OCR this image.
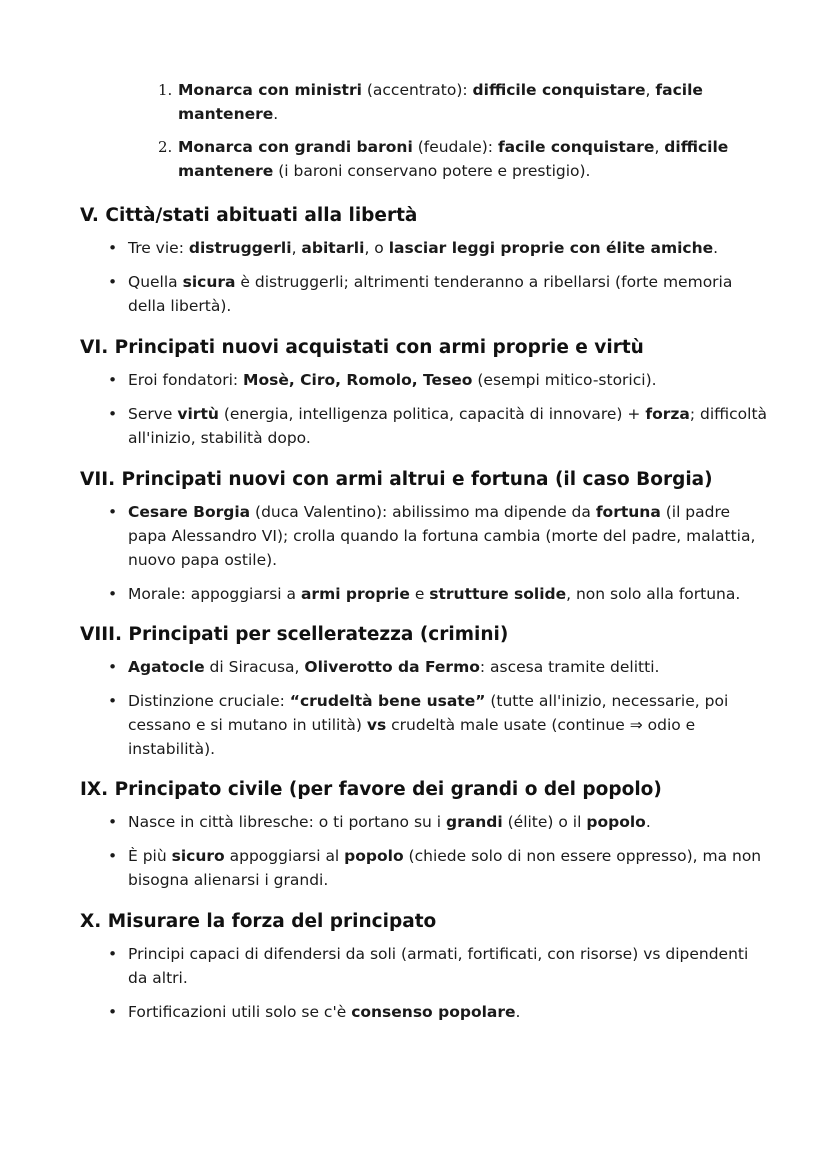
1. Monarca con ministri (accentrato): difficile conquistare, facile mantenere.
2. Monarca con grandi baroni (feudale): facile conquistare, difficile mantenere (i baroni conservano potere e prestigio).
V. Città/stati abituati alla libertà
• Tre vie: distruggerli, abitarli, o lasciar leggi proprie con élite amiche.
• Quella sicura è distruggerli; altrimenti tenderanno a ribellarsi (forte memoria della libertà).
VI. Principati nuovi acquistati con armi proprie e virtù
• Eroi fondatori: Mosè, Ciro, Romolo, Teseo (esempi mitico-storici).
• Serve virtù (energia, intelligenza politica, capacità di innovare) + forza; difficoltà all'inizio, stabilità dopo.
VII. Principati nuovi con armi altrui e fortuna (il caso Borgia)
• Cesare Borgia (duca Valentino): abilissimo ma dipende da fortuna (il padre papa Alessandro VI); crolla quando la fortuna cambia (morte del padre, malattia, nuovo papa ostile).
• Morale: appoggiarsi a armi proprie e strutture solide, non solo alla fortuna.
VIII. Principati per scelleratezza (crimini)
• Agatocle di Siracusa, Oliverotto da Fermo: ascesa tramite delitti.
• Distinzione cruciale: “crudeltà bene usate” (tutte all'inizio, necessarie, poi cessano e si mutano in utilità) vs crudeltà male usate (continue ⇒ odio e instabilità).
IX. Principato civile (per favore dei grandi o del popolo)
• Nasce in città libresche: o ti portano su i grandi (élite) o il popolo.
• È più sicuro appoggiarsi al popolo (chiede solo di non essere oppresso), ma non bisogna alienarsi i grandi.
X. Misurare la forza del principato
• Principi capaci di difendersi da soli (armati, fortificati, con risorse) vs dipendenti da altri.
• Fortificazioni utili solo se c'è consenso popolare.
